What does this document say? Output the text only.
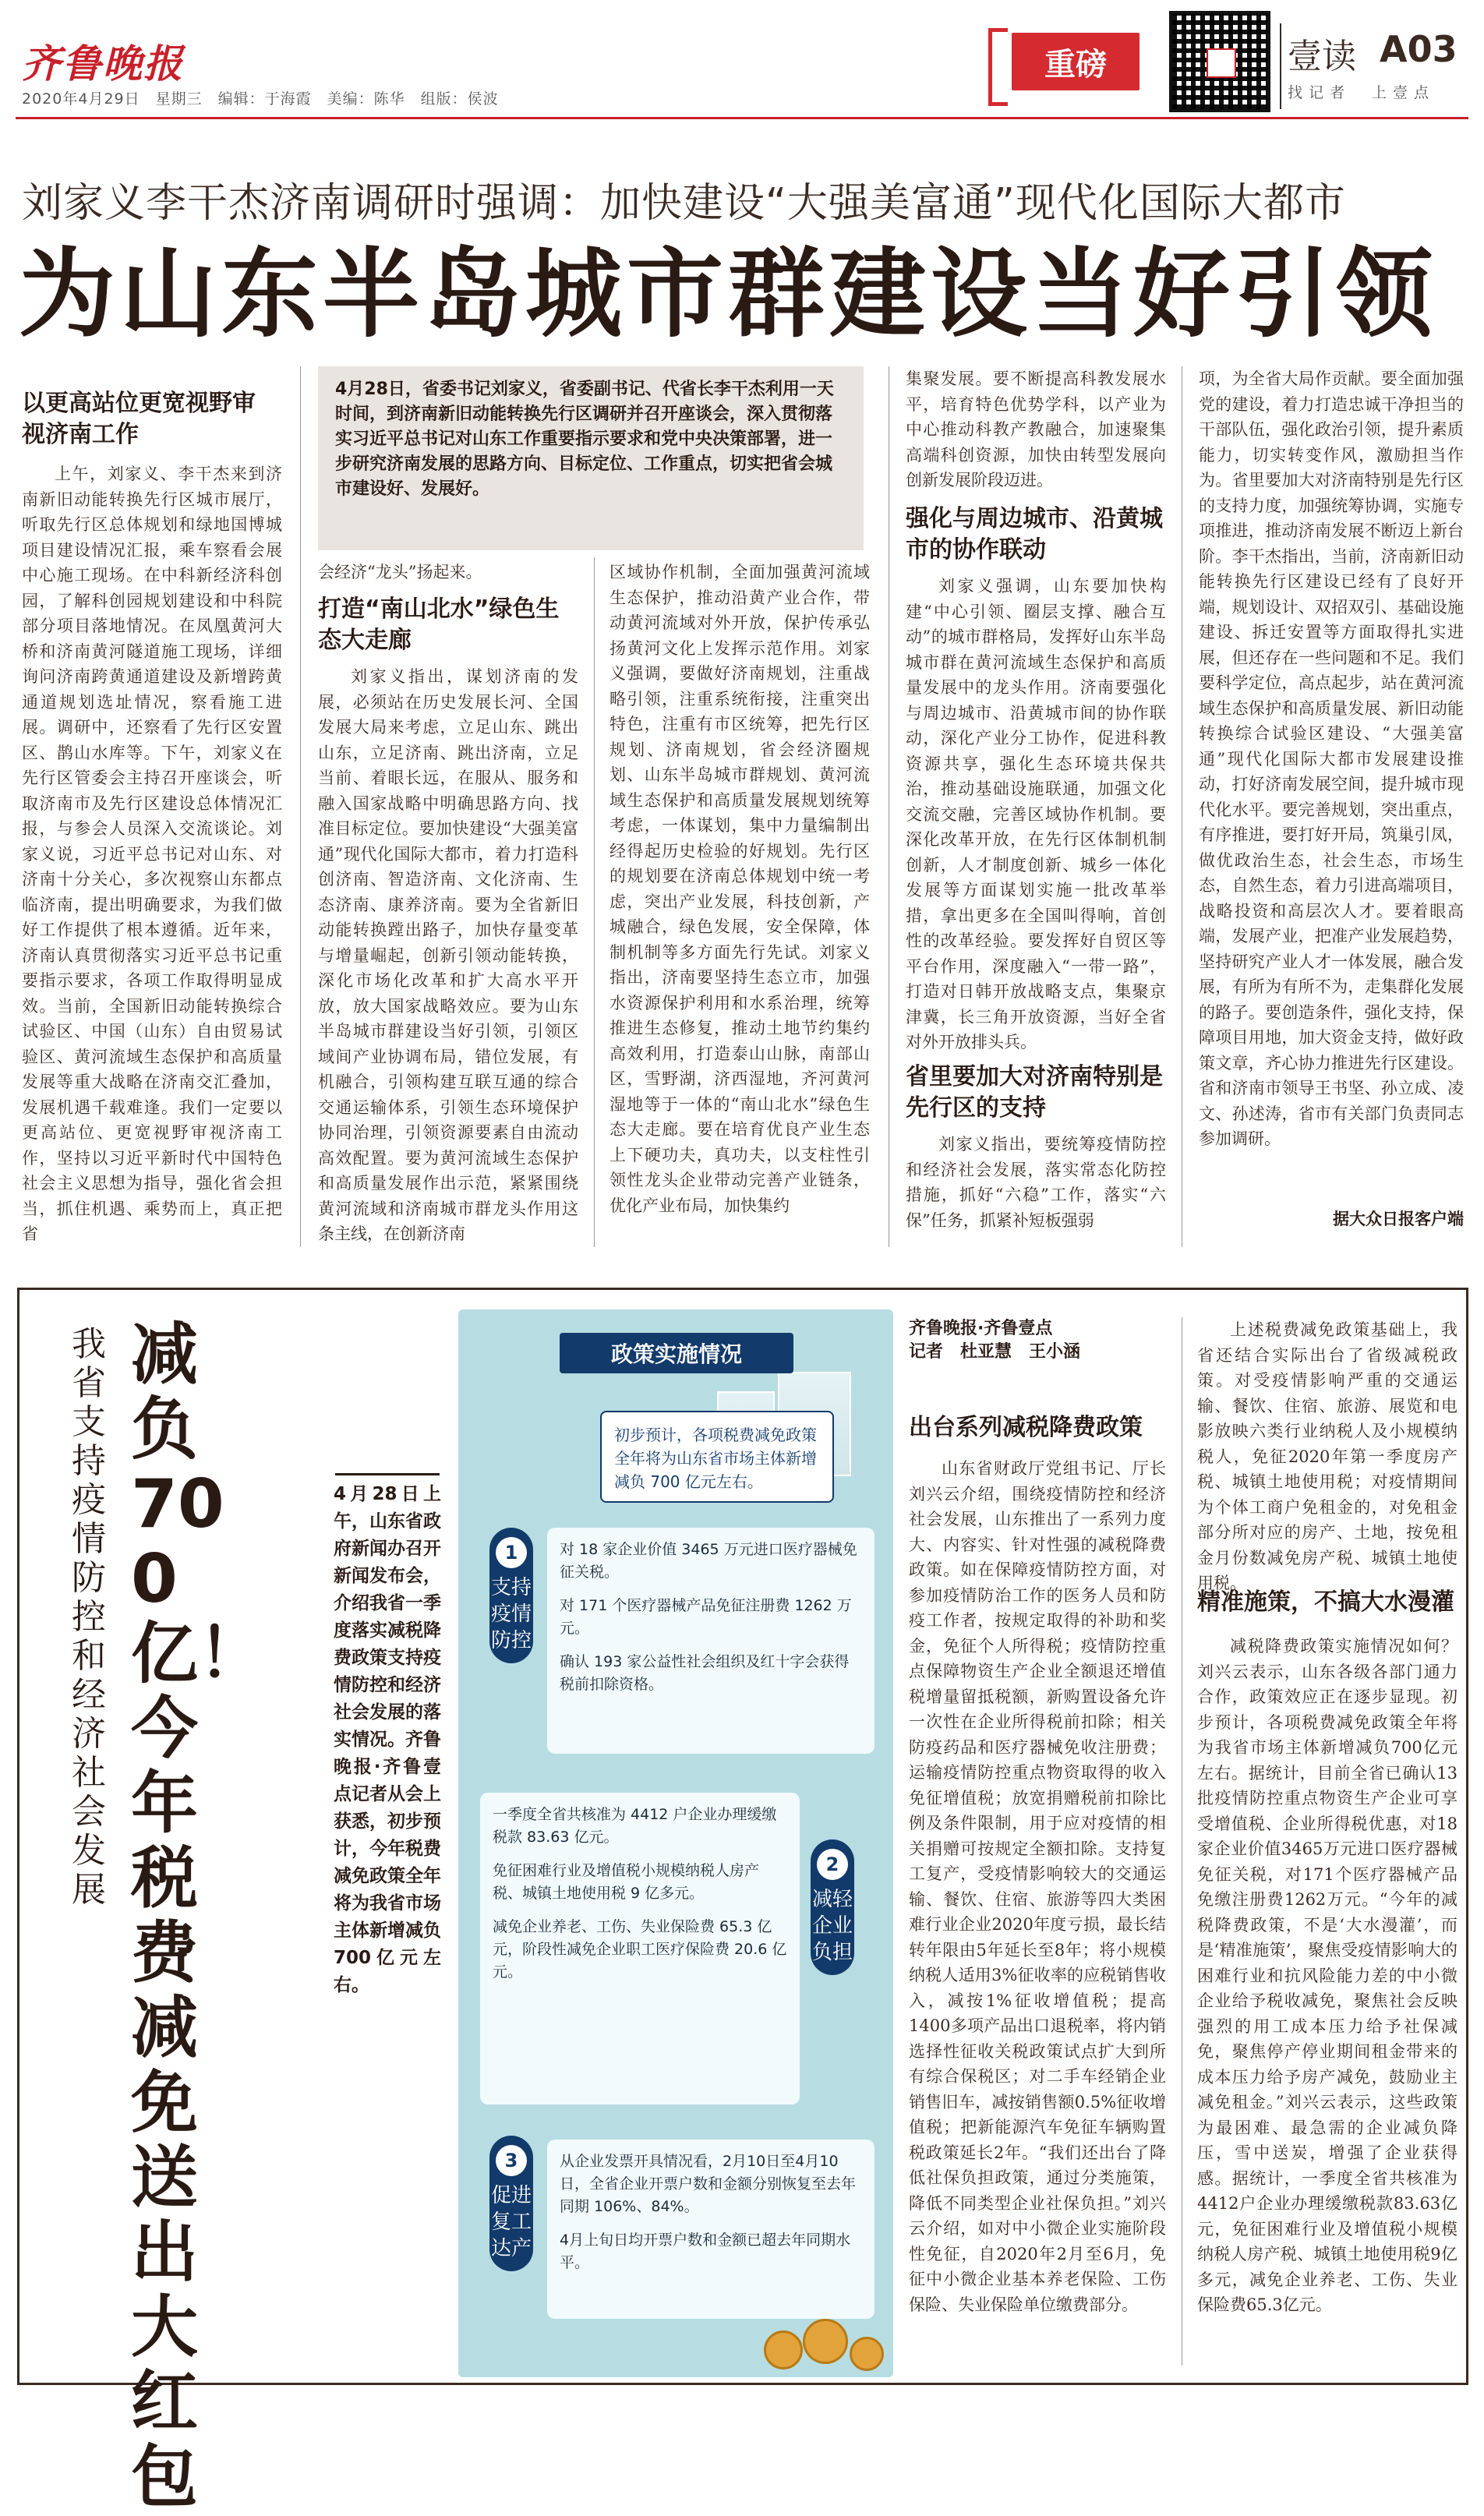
齐鲁晚报
2020年4月29日　星期三　编辑：于海霞　美编：陈华　组版：侯波
重磅	壹读 A03
找记者　上壹点
刘家义李干杰济南调研时强调：加快建设“大强美富通”现代化国际大都市
为山东半岛城市群建设当好引领
以更高站位更宽视野审视济南工作
上午，刘家义、李干杰来到济南新旧动能转换先行区城市展厅，听取先行区总体规划和绿地国博城项目建设情况汇报，乘车察看会展中心施工现场。在中科新经济科创园，了解科创园规划建设和中科院部分项目落地情况。在凤凰黄河大桥和济南黄河隧道施工现场，详细询问济南跨黄通道建设及新增跨黄通道规划选址情况，察看施工进展。调研中，还察看了先行区安置区、鹊山水库等。下午，刘家义在先行区管委会主持召开座谈会，听取济南市及先行区建设总体情况汇报，与参会人员深入交流谈论。刘家义说，习近平总书记对山东、对济南十分关心，多次视察山东都点临济南，提出明确要求，为我们做好工作提供了根本遵循。近年来，济南认真贯彻落实习近平总书记重要指示要求，各项工作取得明显成效。当前，全国新旧动能转换综合试验区、中国（山东）自由贸易试验区、黄河流域生态保护和高质量发展等重大战略在济南交汇叠加，发展机遇千载难逢。我们一定要以更高站位、更宽视野审视济南工作，坚持以习近平新时代中国特色社会主义思想为指导，强化省会担当，抓住机遇、乘势而上，真正把省
4月28日，省委书记刘家义，省委副书记、代省长李干杰利用一天时间，到济南新旧动能转换先行区调研并召开座谈会，深入贯彻落实习近平总书记对山东工作重要指示要求和党中央决策部署，进一步研究济南发展的思路方向、目标定位、工作重点，切实把省会城市建设好、发展好。
会经济“龙头”扬起来。
打造“南山北水”绿色生态大走廊
刘家义指出，谋划济南的发展，必须站在历史发展长河、全国发展大局来考虑，立足山东、跳出山东，立足济南、跳出济南，立足当前、着眼长远，在服从、服务和融入国家战略中明确思路方向、找准目标定位。要加快建设“大强美富通”现代化国际大都市，着力打造科创济南、智造济南、文化济南、生态济南、康养济南。要为全省新旧动能转换蹚出路子，加快存量变革与增量崛起，创新引领动能转换，深化市场化改革和扩大高水平开放，放大国家战略效应。要为山东半岛城市群建设当好引领，引领区域间产业协调布局，错位发展，有机融合，引领构建互联互通的综合交通运输体系，引领生态环境保护协同治理，引领资源要素自由流动高效配置。要为黄河流域生态保护和高质量发展作出示范，紧紧围绕黄河流域和济南城市群龙头作用这条主线，在创新济南
区域协作机制，全面加强黄河流域生态保护，推动沿黄产业合作，带动黄河流域对外开放，保护传承弘扬黄河文化上发挥示范作用。刘家义强调，要做好济南规划，注重战略引领，注重系统衔接，注重突出特色，注重有市区统筹，把先行区规划、济南规划，省会经济圈规划、山东半岛城市群规划、黄河流域生态保护和高质量发展规划统筹考虑，一体谋划，集中力量编制出经得起历史检验的好规划。先行区的规划要在济南总体规划中统一考虑，突出产业发展，科技创新，产城融合，绿色发展，安全保障，体制机制等多方面先行先试。刘家义指出，济南要坚持生态立市，加强水资源保护利用和水系治理，统筹推进生态修复，推动土地节约集约高效利用，打造泰山山脉，南部山区，雪野湖，济西湿地，齐河黄河湿地等于一体的“南山北水”绿色生态大走廊。要在培育优良产业生态上下硬功夫，真功夫，以支柱性引领性龙头企业带动完善产业链条，优化产业布局，加快集约
集聚发展。要不断提高科教发展水平，培育特色优势学科，以产业为中心推动科教产教融合，加速聚集高端科创资源，加快由转型发展向创新发展阶段迈进。
强化与周边城市、沿黄城市的协作联动
刘家义强调，山东要加快构建“中心引领、圈层支撑、融合互动”的城市群格局，发挥好山东半岛城市群在黄河流域生态保护和高质量发展中的龙头作用。济南要强化与周边城市、沿黄城市间的协作联动，深化产业分工协作，促进科教资源共享，强化生态环境共保共治，推动基础设施联通，加强文化交流交融，完善区域协作机制。要深化改革开放，在先行区体制机制创新，人才制度创新、城乡一体化发展等方面谋划实施一批改革举措，拿出更多在全国叫得响，首创性的改革经验。要发挥好自贸区等平台作用，深度融入“一带一路”，打造对日韩开放战略支点，集聚京津冀，长三角开放资源，当好全省对外开放排头兵。
省里要加大对济南特别是先行区的支持
刘家义指出，要统筹疫情防控和经济社会发展，落实常态化防控措施，抓好“六稳”工作，落实“六保”任务，抓紧补短板强弱
项，为全省大局作贡献。要全面加强党的建设，着力打造忠诚干净担当的干部队伍，强化政治引领，提升素质能力，切实转变作风，激励担当作为。省里要加大对济南特别是先行区的支持力度，加强统筹协调，实施专项推进，推动济南发展不断迈上新台阶。李干杰指出，当前，济南新旧动能转换先行区建设已经有了良好开端，规划设计、双招双引、基础设施建设、拆迁安置等方面取得扎实进展，但还存在一些问题和不足。我们要科学定位，高点起步，站在黄河流域生态保护和高质量发展、新旧动能转换综合试验区建设、“大强美富通”现代化国际大都市发展建设推动，打好济南发展空间，提升城市现代化水平。要完善规划，突出重点，有序推进，要打好开局，筑巢引凤，做优政治生态，社会生态，市场生态，自然生态，着力引进高端项目，战略投资和高层次人才。要着眼高端，发展产业，把准产业发展趋势，坚持研究产业人才一体发展，融合发展，有所为有所不为，走集群化发展的路子。要创造条件，强化支持，保障项目用地，加大资金支持，做好政策文章，齐心协力推进先行区建设。省和济南市领导王书坚、孙立成、凌文、孙述涛，省市有关部门负责同志参加调研。
据大众日报客户端
我省支持疫情防控和经济社会发展
减负700亿！今年税费减免送出大红包
4月28日上午，山东省政府新闻办召开新闻发布会，介绍我省一季度落实减税降费政策支持疫情防控和经济社会发展的落实情况。齐鲁晚报·齐鲁壹点记者从会上获悉，初步预计，今年税费减免政策全年将为我省市场主体新增减负700亿元左右。
政策实施情况
初步预计，各项税费减免政策全年将为山东省市场主体新增减负 700 亿元左右。
1
支持疫情防控

对 18 家企业价值 3465 万元进口医疗器械免征关税。

对 171 个医疗器械产品免征注册费 1262 万元。

确认 193 家公益性社会组织及红十字会获得税前扣除资格。

2
减轻企业负担

一季度全省共核准为 4412 户企业办理缓缴税款 83.63 亿元。

免征困难行业及增值税小规模纳税人房产税、城镇土地使用税 9 亿多元。

减免企业养老、工伤、失业保险费 65.3 亿元，阶段性减免企业职工医疗保险费 20.6 亿元。

3
促进复工达产

从企业发票开具情况看，2月10日至4月10日，全省企业开票户数和金额分别恢复至去年同期 106%、84%。

4月上旬日均开票户数和金额已超去年同期水平。

齐鲁晚报·齐鲁壹点
记者　杜亚慧　王小涵
出台系列减税降费政策
山东省财政厅党组书记、厅长刘兴云介绍，围绕疫情防控和经济社会发展，山东推出了一系列力度大、内容实、针对性强的减税降费政策。如在保障疫情防控方面，对参加疫情防治工作的医务人员和防疫工作者，按规定取得的补助和奖金，免征个人所得税；疫情防控重点保障物资生产企业全额退还增值税增量留抵税额，新购置设备允许一次性在企业所得税前扣除；相关防疫药品和医疗器械免收注册费；运输疫情防控重点物资取得的收入免征增值税；放宽捐赠税前扣除比例及条件限制，用于应对疫情的相关捐赠可按规定全额扣除。支持复工复产，受疫情影响较大的交通运输、餐饮、住宿、旅游等四大类困难行业企业2020年度亏损，最长结转年限由5年延长至8年；将小规模纳税人适用3%征收率的应税销售收入，减按1%征收增值税；提高1400多项产品出口退税率，将内销选择性征收关税政策试点扩大到所有综合保税区；对二手车经销企业销售旧车，减按销售额0.5%征收增值税；把新能源汽车免征车辆购置税政策延长2年。“我们还出台了降低社保负担政策，通过分类施策，降低不同类型企业社保负担。”刘兴云介绍，如对中小微企业实施阶段性免征，自2020年2月至6月，免征中小微企业基本养老保险、工伤保险、失业保险单位缴费部分。
上述税费减免政策基础上，我省还结合实际出台了省级减税政策。对受疫情影响严重的交通运输、餐饮、住宿、旅游、展览和电影放映六类行业纳税人及小规模纳税人，免征2020年第一季度房产税、城镇土地使用税；对疫情期间为个体工商户免租金的，对免租金部分所对应的房产、土地，按免租金月份数减免房产税、城镇土地使用税。
精准施策，不搞大水漫灌
减税降费政策实施情况如何？刘兴云表示，山东各级各部门通力合作，政策效应正在逐步显现。初步预计，各项税费减免政策全年将为我省市场主体新增减负700亿元左右。据统计，目前全省已确认13批疫情防控重点物资生产企业可享受增值税、企业所得税优惠，对18家企业价值3465万元进口医疗器械免征关税，对171个医疗器械产品免缴注册费1262万元。“今年的减税降费政策，不是‘大水漫灌’，而是‘精准施策’，聚焦受疫情影响大的困难行业和抗风险能力差的中小微企业给予税收减免，聚焦社会反映强烈的用工成本压力给予社保减免，聚焦停产停业期间租金带来的成本压力给予房产减免，鼓励业主减免租金。”刘兴云表示，这些政策为最困难、最急需的企业减负降压，雪中送炭，增强了企业获得感。据统计，一季度全省共核准为4412户企业办理缓缴税款83.63亿元，免征困难行业及增值税小规模纳税人房产税、城镇土地使用税9亿多元，减免企业养老、工伤、失业保险费65.3亿元。
